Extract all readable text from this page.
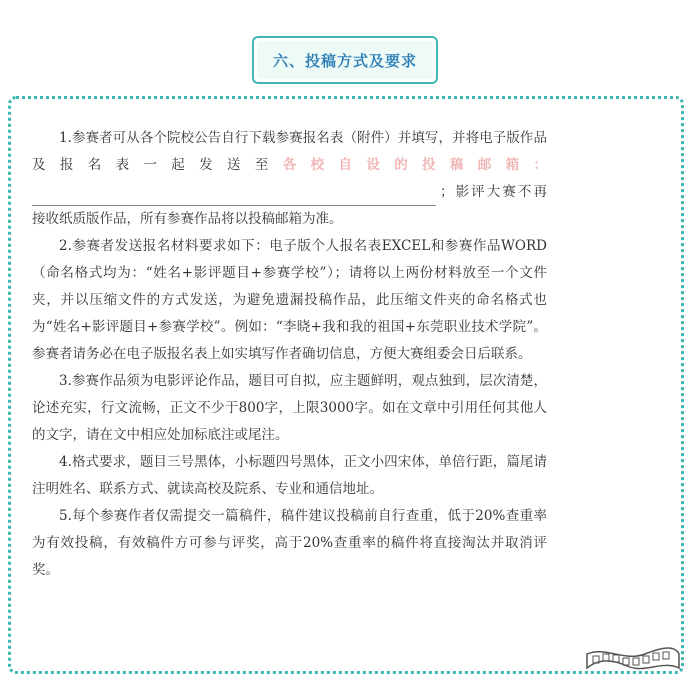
六、投稿方式及要求

1.参赛者可从各个院校公告自行下载参赛报名表（附件）并填写，并将电子版作品及报名表一起发送至各校自设的投稿邮箱：；影评大赛不再接收纸质版作品，所有参赛作品将以投稿邮箱为准。

2.参赛者发送报名材料要求如下：电子版个人报名表EXCEL和参赛作品WORD（命名格式均为：“姓名+影评题目+参赛学校”）；请将以上两份材料放至一个文件夹，并以压缩文件的方式发送，为避免遗漏投稿作品，此压缩文件夹的命名格式也为“姓名+影评题目+参赛学校”。例如：“李晓+我和我的祖国+东莞职业技术学院”。参赛者请务必在电子版报名表上如实填写作者确切信息，方便大赛组委会日后联系。

3.参赛作品须为电影评论作品，题目可自拟，应主题鲜明，观点独到，层次清楚，论述充实，行文流畅，正文不少于800字，上限3000字。如在文章中引用任何其他人的文字，请在文中相应处加标底注或尾注。

4.格式要求，题目三号黑体，小标题四号黑体，正文小四宋体，单倍行距，篇尾请注明姓名、联系方式、就读高校及院系、专业和通信地址。

5.每个参赛作者仅需提交一篇稿件，稿件建议投稿前自行查重，低于20%查重率为有效投稿，有效稿件方可参与评奖，高于20%查重率的稿件将直接淘汰并取消评奖。
